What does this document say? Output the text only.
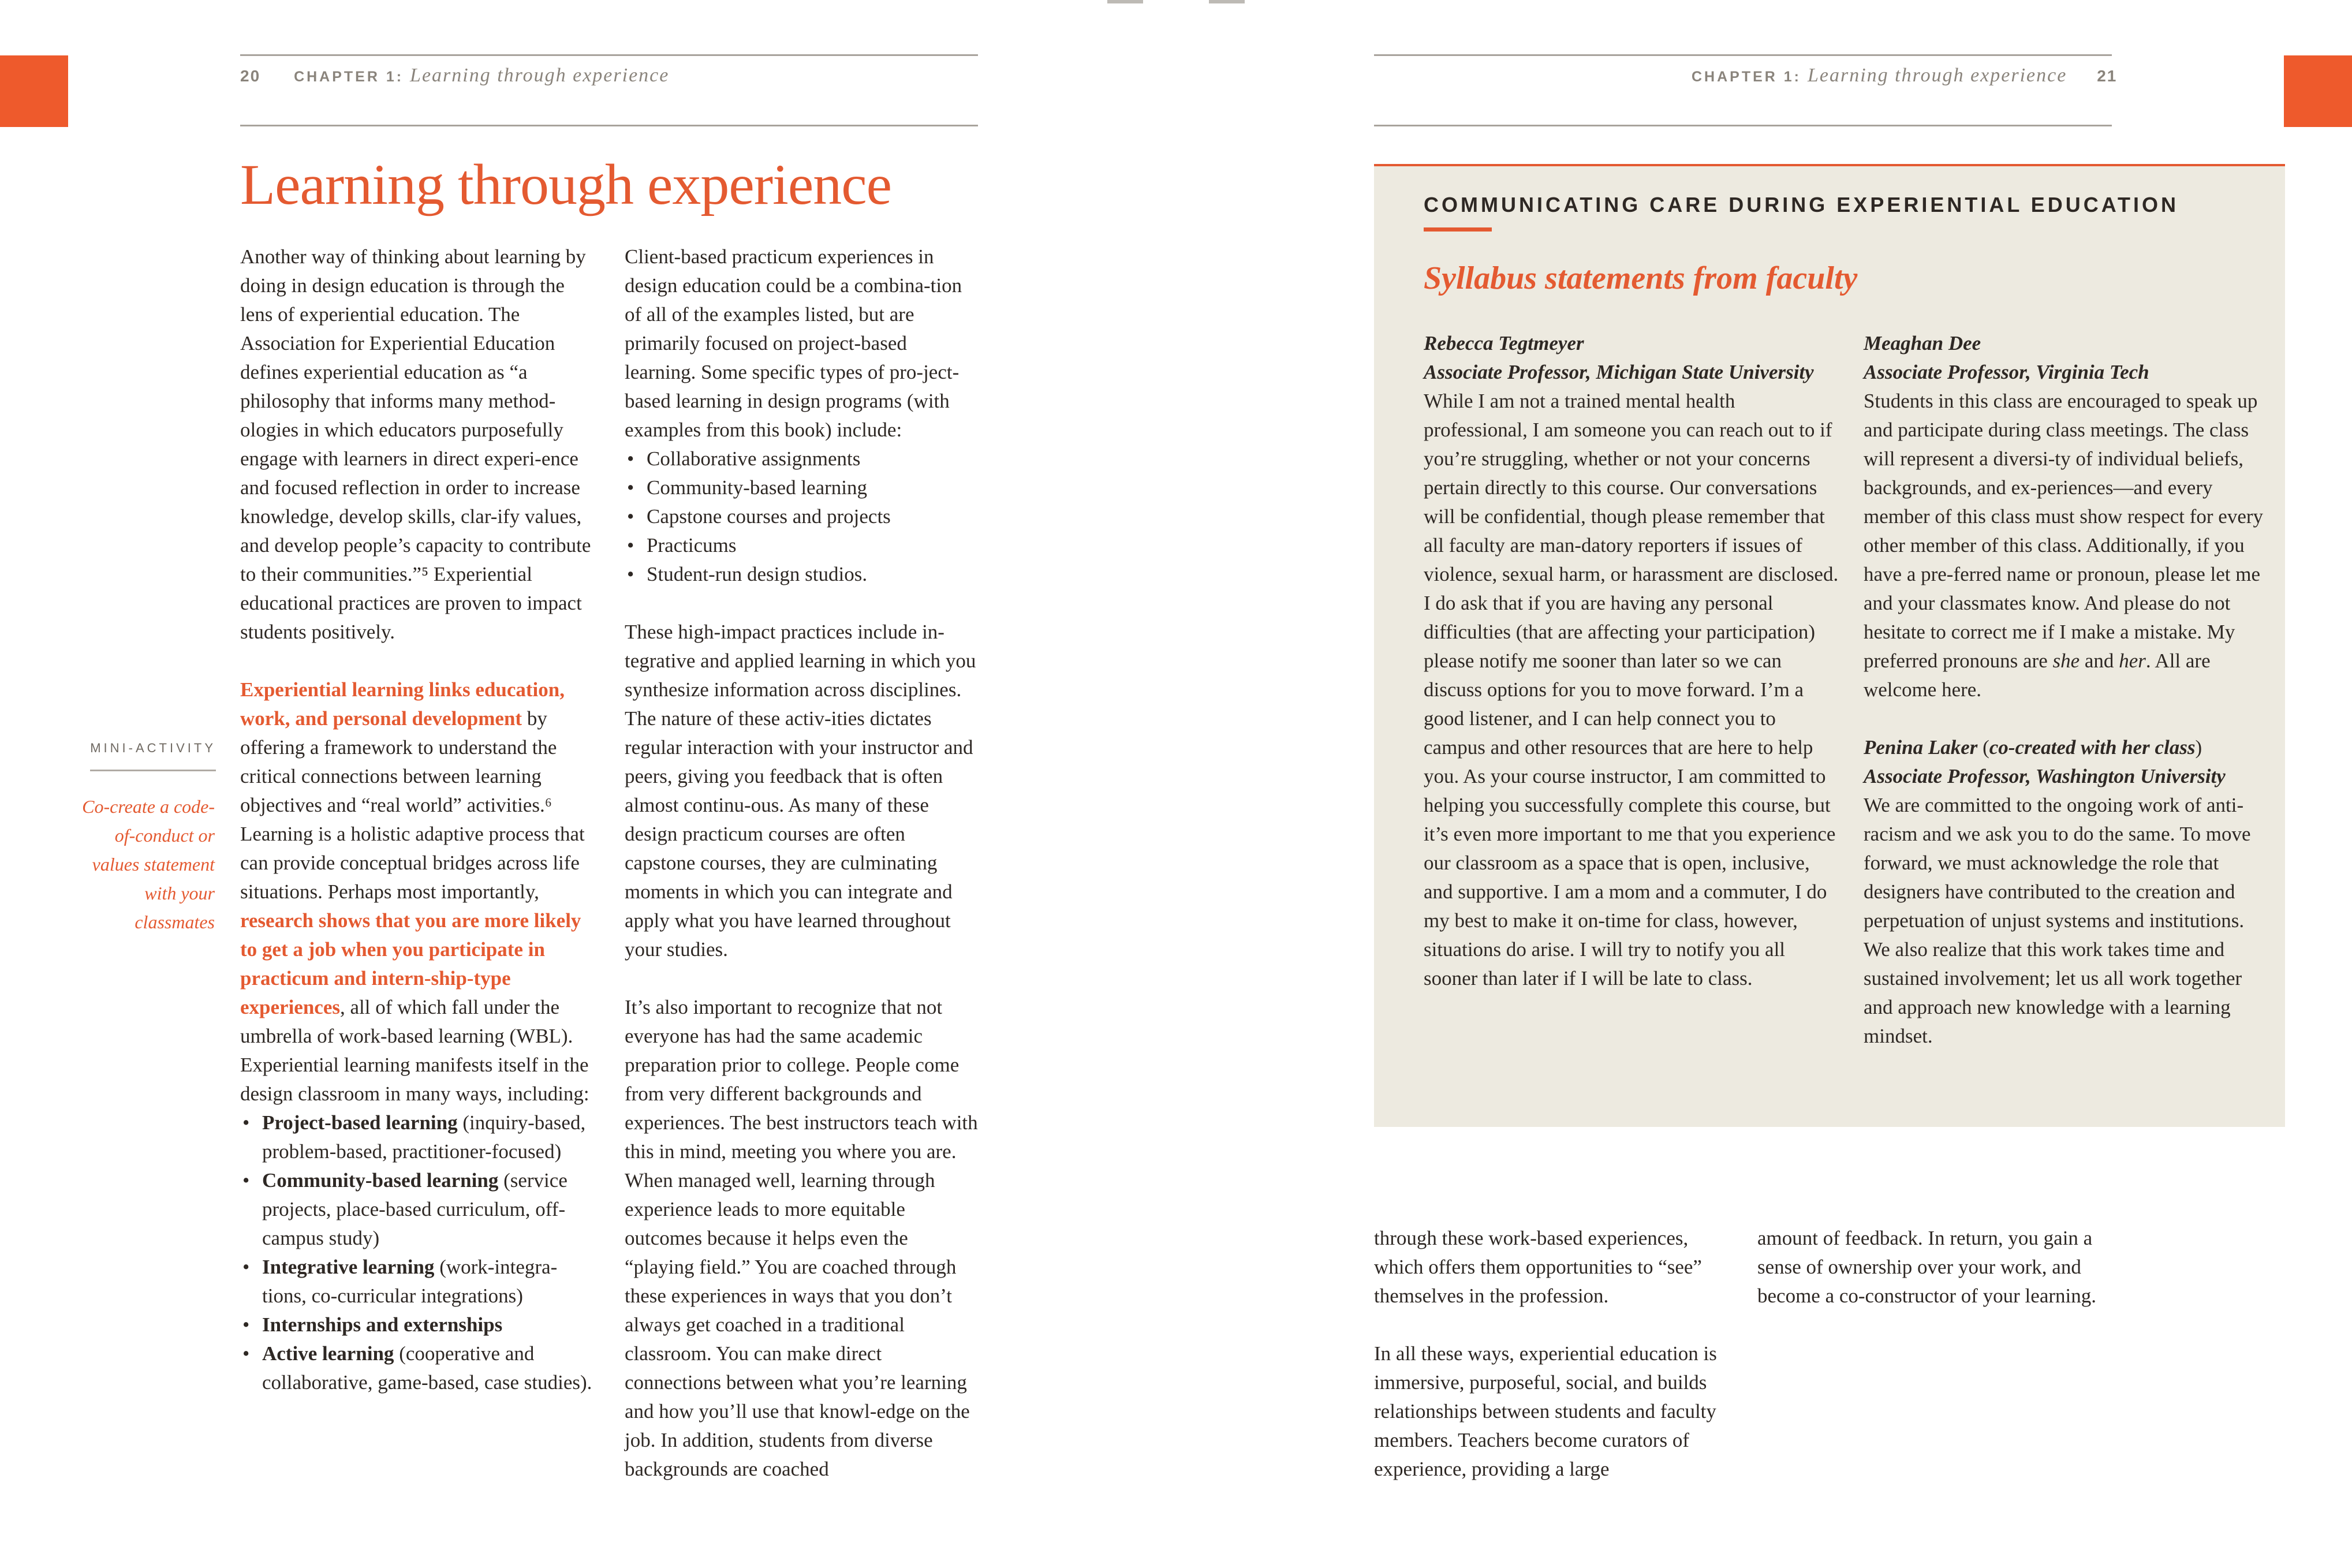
20 CHAPTER 1: Learning through experience
Learning through experience

Another way of thinking about learning by doing in design education is through the lens of experiential education. The Association for Experiential Education defines experiential education as “a philosophy that informs many method-ologies in which educators purposefully engage with learners in direct experi-ence and focused reflection in order to increase knowledge, develop skills, clar-ify values, and develop people’s capacity to contribute to their communities.”⁵ Experiential educational practices are proven to impact students positively.

Experiential learning links education, work, and personal development by offering a framework to understand the critical connections between learning objectives and “real world” activities.⁶ Learning is a holistic adaptive process that can provide conceptual bridges across life situations. Perhaps most importantly, research shows that you are more likely to get a job when you participate in practicum and intern-ship-type experiences, all of which fall under the umbrella of work-based learning (WBL). Experiential learning manifests itself in the design classroom in many ways, including:

• Project-based learning (inquiry-based, problem-based, practitioner-focused)
• Community-based learning (service projects, place-based curriculum, off-campus study)
• Integrative learning (work-integra-tions, co-curricular integrations)
• Internships and externships
• Active learning (cooperative and collaborative, game-based, case studies).

Client-based practicum experiences in design education could be a combina-tion of all of the examples listed, but are primarily focused on project-based learning. Some specific types of pro-ject-based learning in design programs (with examples from this book) include:

• Collaborative assignments
• Community-based learning
• Capstone courses and projects
• Practicums
• Student-run design studios.

These high-impact practices include in-tegrative and applied learning in which you synthesize information across disciplines. The nature of these activ-ities dictates regular interaction with your instructor and peers, giving you feedback that is often almost continu-ous. As many of these design practicum courses are often capstone courses, they are culminating moments in which you can integrate and apply what you have learned throughout your studies.

It’s also important to recognize that not everyone has had the same academic preparation prior to college. People come from very different backgrounds and experiences. The best instructors teach with this in mind, meeting you where you are. When managed well, learning through experience leads to more equitable outcomes because it helps even the “playing field.” You are coached through these experiences in ways that you don’t always get coached in a traditional classroom. You can make direct connections between what you’re learning and how you’ll use that knowl-edge on the job. In addition, students from diverse backgrounds are coached

MINI-ACTIVITY
Co-create a code-of-conduct or values statement with your classmates
CHAPTER 1: Learning through experience 21
COMMUNICATING CARE DURING EXPERIENTIAL EDUCATION
Syllabus statements from faculty

Rebecca Tegtmeyer

Associate Professor, Michigan State University

While I am not a trained mental health professional, I am someone you can reach out to if you’re struggling, whether or not your concerns pertain directly to this course. Our conversations will be confidential, though please remember that all faculty are man-datory reporters if issues of violence, sexual harm, or harassment are disclosed. I do ask that if you are having any personal difficulties (that are affecting your participation) please notify me sooner than later so we can discuss options for you to move forward. I’m a good listener, and I can help connect you to campus and other resources that are here to help you. As your course instructor, I am committed to helping you successfully complete this course, but it’s even more important to me that you experience our classroom as a space that is open, inclusive, and supportive. I am a mom and a commuter, I do my best to make it on-time for class, however, situations do arise. I will try to notify you all sooner than later if I will be late to class.

Meaghan Dee

Associate Professor, Virginia Tech

Students in this class are encouraged to speak up and participate during class meetings. The class will represent a diversi-ty of individual beliefs, backgrounds, and ex-periences—and every member of this class must show respect for every other member of this class. Additionally, if you have a pre-ferred name or pronoun, please let me and your classmates know. And please do not hesitate to correct me if I make a mistake. My preferred pronouns are she and her. All are welcome here.

Penina Laker (co-created with her class)

Associate Professor, Washington University

We are committed to the ongoing work of anti-racism and we ask you to do the same. To move forward, we must acknowledge the role that designers have contributed to the creation and perpetuation of unjust systems and institutions. We also realize that this work takes time and sustained involvement; let us all work together and approach new knowledge with a learning mindset.

through these work-based experiences, which offers them opportunities to “see” themselves in the profession.

In all these ways, experiential education is immersive, purposeful, social, and builds relationships between students and faculty members. Teachers become curators of experience, providing a large

amount of feedback. In return, you gain a sense of ownership over your work, and become a co-constructor of your learning.
